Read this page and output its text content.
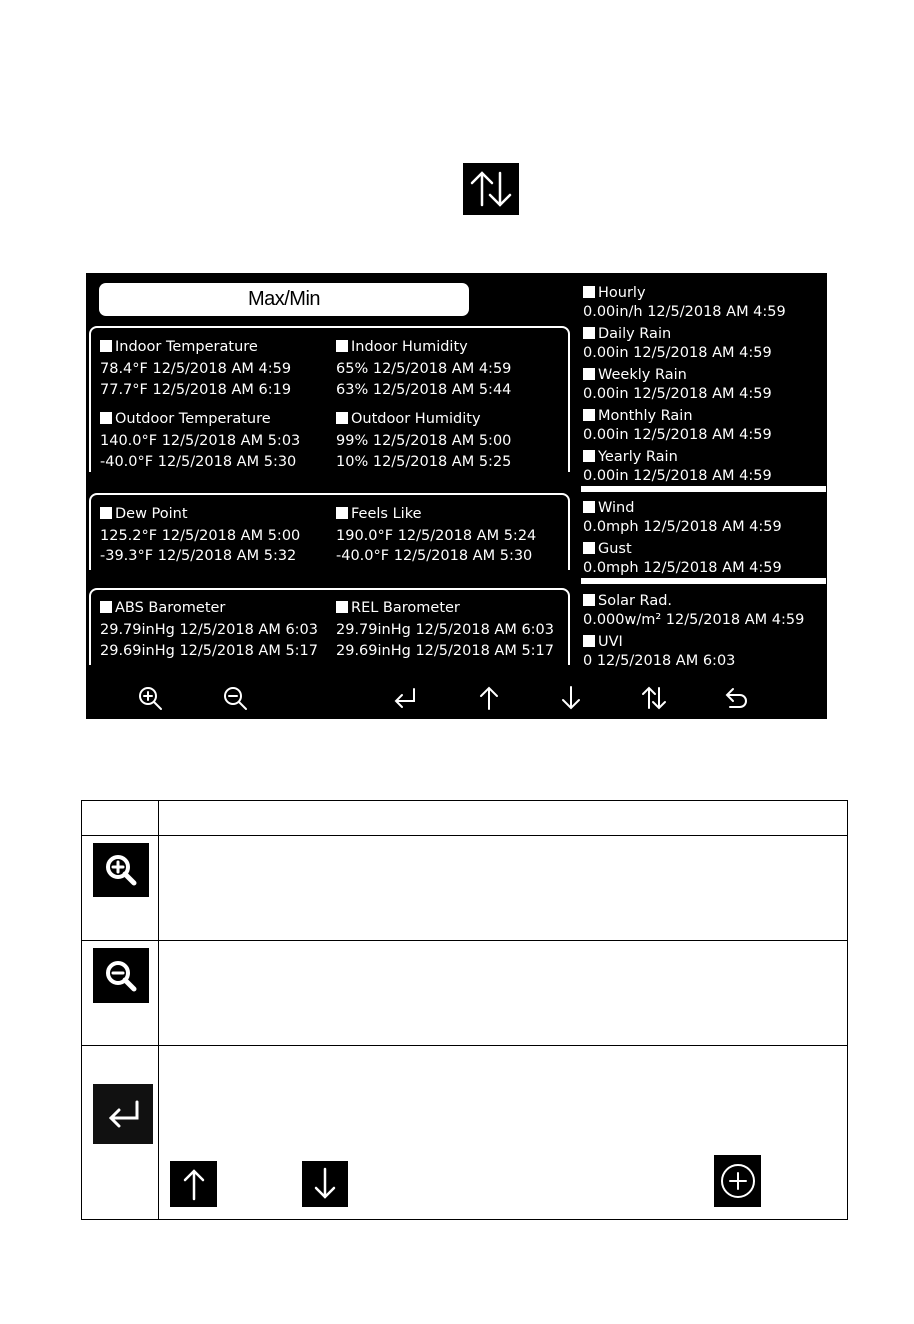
Max/Min
Indoor Temperature
78.4°F 12/5/2018 AM 4:59
77.7°F 12/5/2018 AM 6:19
Indoor Humidity
65% 12/5/2018 AM 4:59
63% 12/5/2018 AM 5:44
Outdoor Temperature
140.0°F 12/5/2018 AM 5:03
-40.0°F 12/5/2018 AM 5:30
Outdoor Humidity
99% 12/5/2018 AM 5:00
10% 12/5/2018 AM 5:25
Dew Point
125.2°F 12/5/2018 AM 5:00
-39.3°F 12/5/2018 AM 5:32
Feels Like
190.0°F 12/5/2018 AM 5:24
-40.0°F 12/5/2018 AM 5:30
ABS Barometer
29.79inHg 12/5/2018 AM 6:03
29.69inHg 12/5/2018 AM 5:17
REL Barometer
29.79inHg 12/5/2018 AM 6:03
29.69inHg 12/5/2018 AM 5:17
Hourly
0.00in/h 12/5/2018 AM 4:59
Daily Rain
0.00in 12/5/2018 AM 4:59
Weekly Rain
0.00in 12/5/2018 AM 4:59
Monthly Rain
0.00in 12/5/2018 AM 4:59
Yearly Rain
0.00in 12/5/2018 AM 4:59
Wind
0.0mph 12/5/2018 AM 4:59
Gust
0.0mph 12/5/2018 AM 4:59
Solar Rad.
0.000w/m² 12/5/2018 AM 4:59
UVI
0 12/5/2018 AM 6:03
